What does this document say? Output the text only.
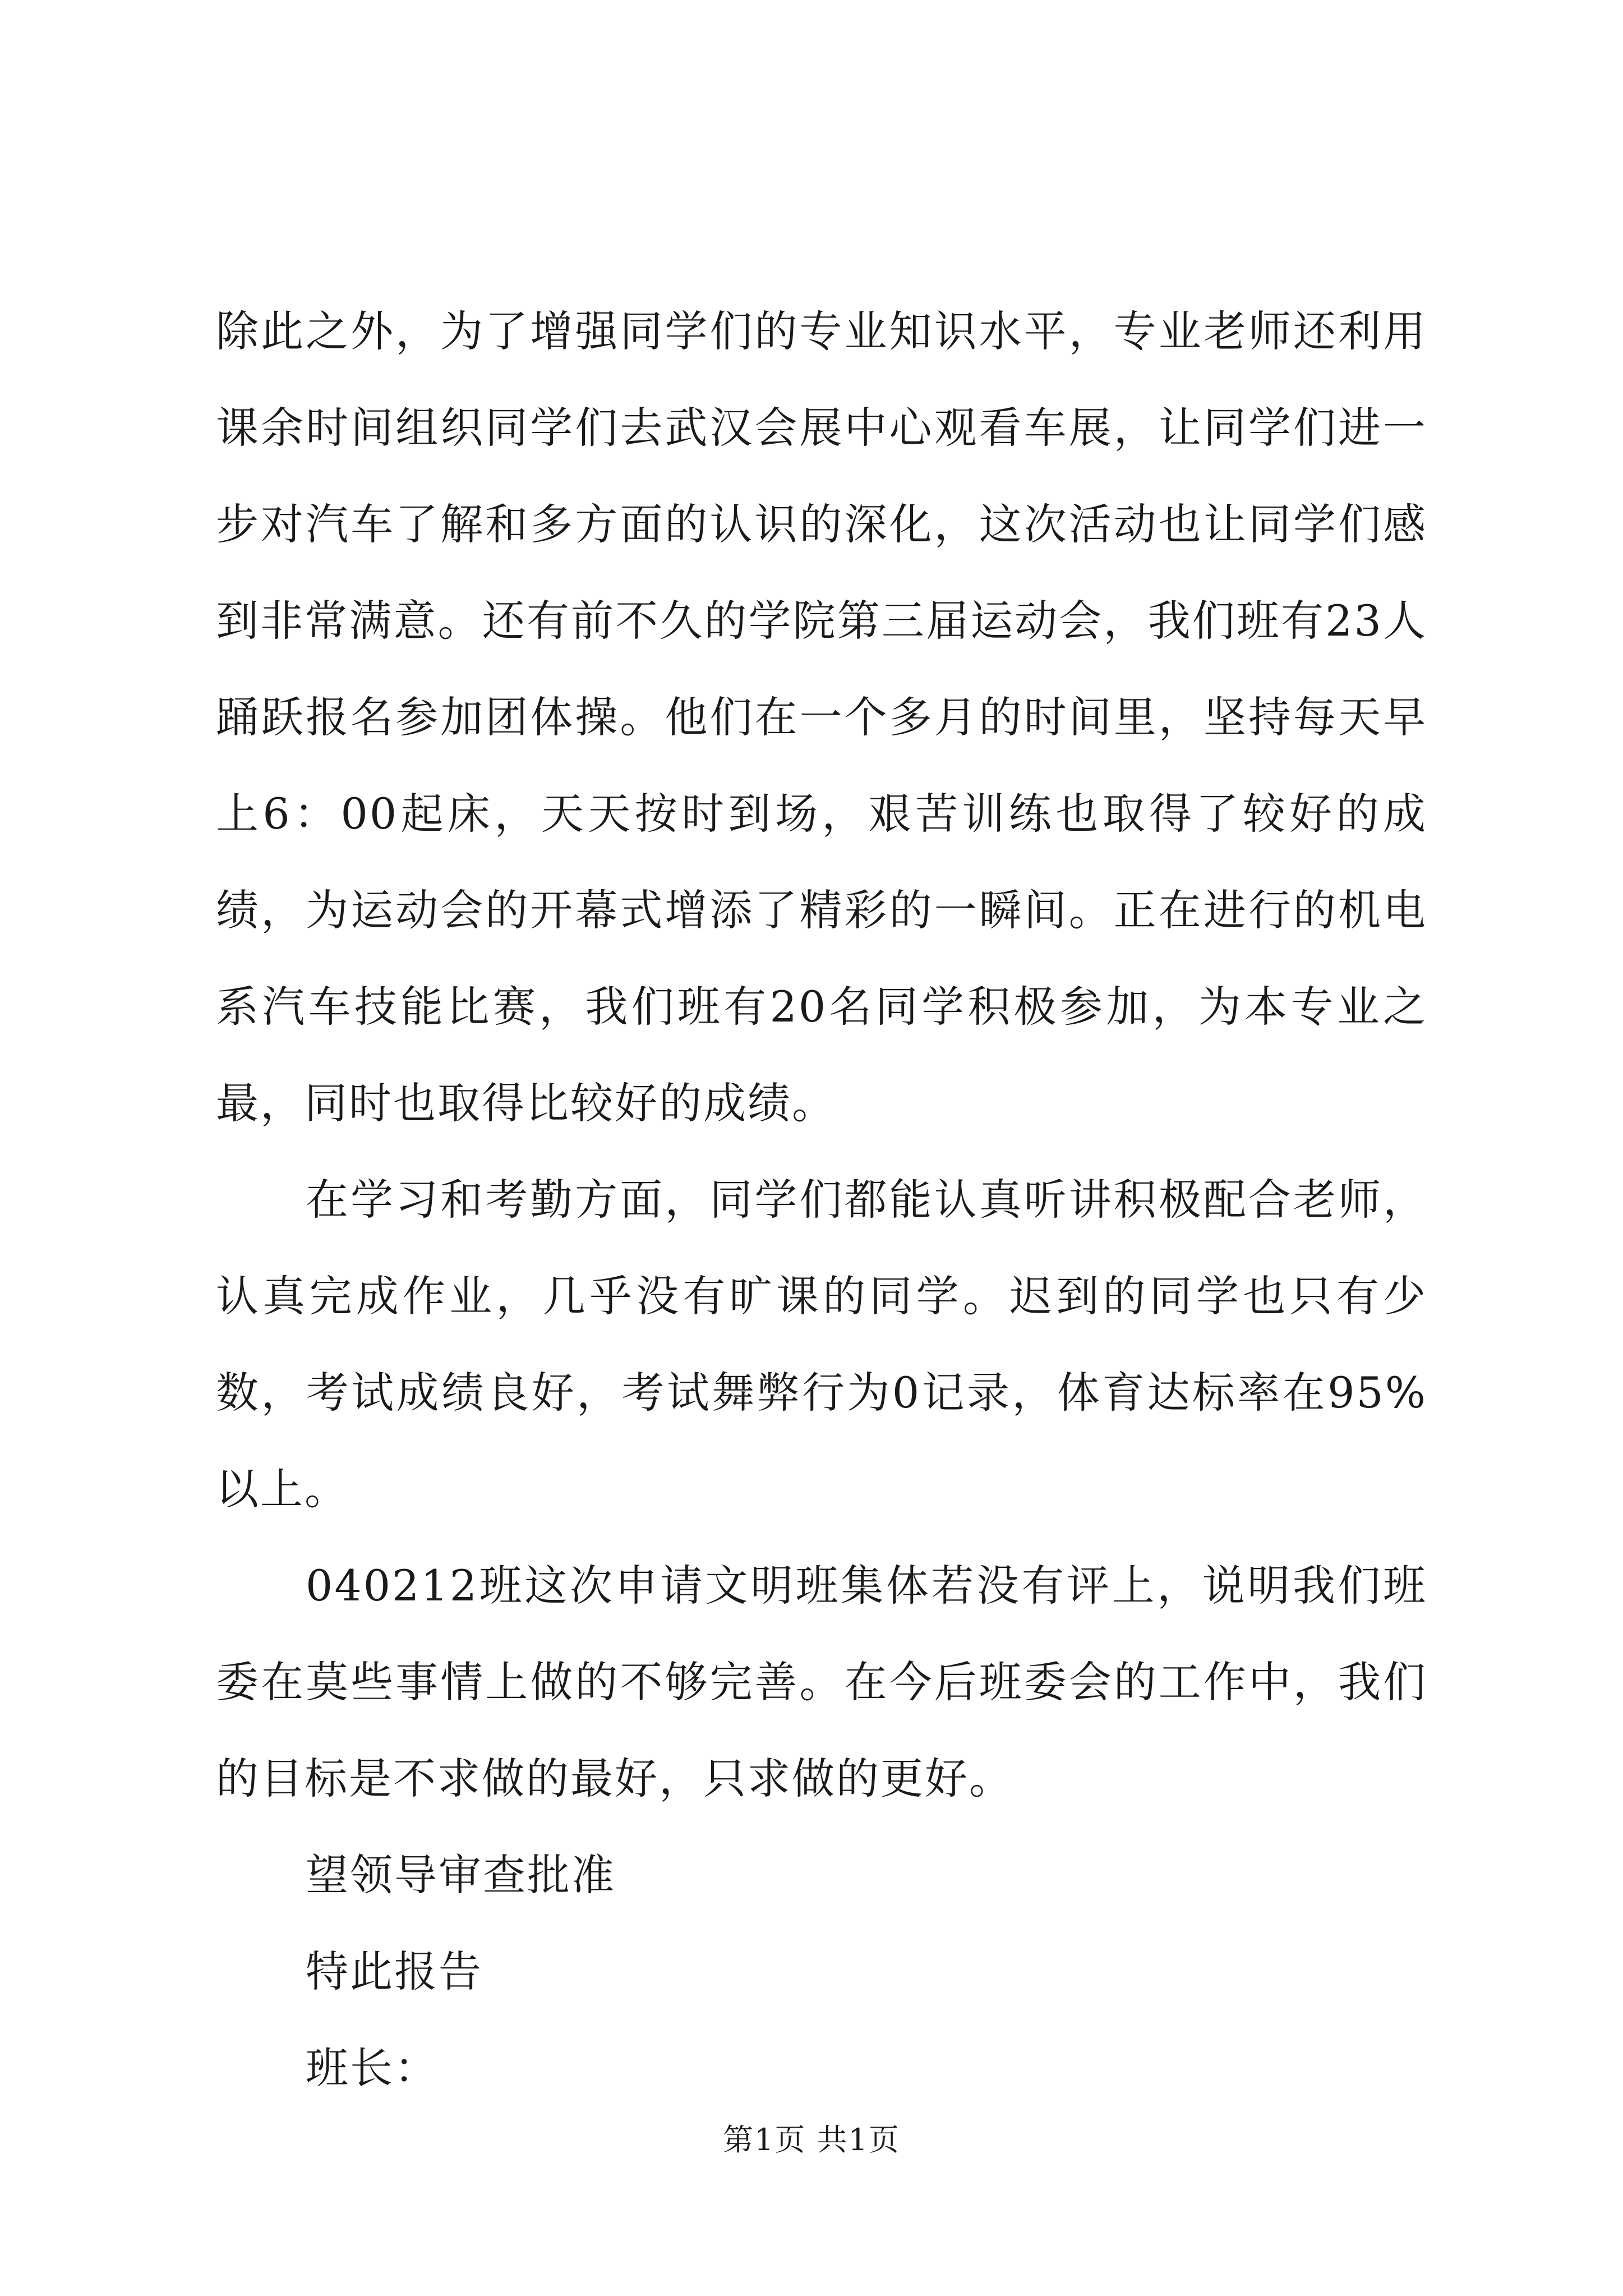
除此之外，为了增强同学们的专业知识水平，专业老师还利用课余时间组织同学们去武汉会展中心观看车展，让同学们进一步对汽车了解和多方面的认识的深化，这次活动也让同学们感到非常满意。还有前不久的学院第三届运动会，我们班有23人踊跃报名参加团体操。他们在一个多月的时间里，坚持每天早上6：00起床，天天按时到场，艰苦训练也取得了较好的成绩，为运动会的开幕式增添了精彩的一瞬间。正在进行的机电系汽车技能比赛，我们班有20名同学积极参加，为本专业之最，同时也取得比较好的成绩。

在学习和考勤方面，同学们都能认真听讲积极配合老师，认真完成作业，几乎没有旷课的同学。迟到的同学也只有少数，考试成绩良好，考试舞弊行为0记录，体育达标率在95%以上。

040212班这次申请文明班集体若没有评上，说明我们班委在莫些事情上做的不够完善。在今后班委会的工作中，我们的目标是不求做的最好，只求做的更好。

望领导审查批准

特此报告

班长：

第1页 共1页
